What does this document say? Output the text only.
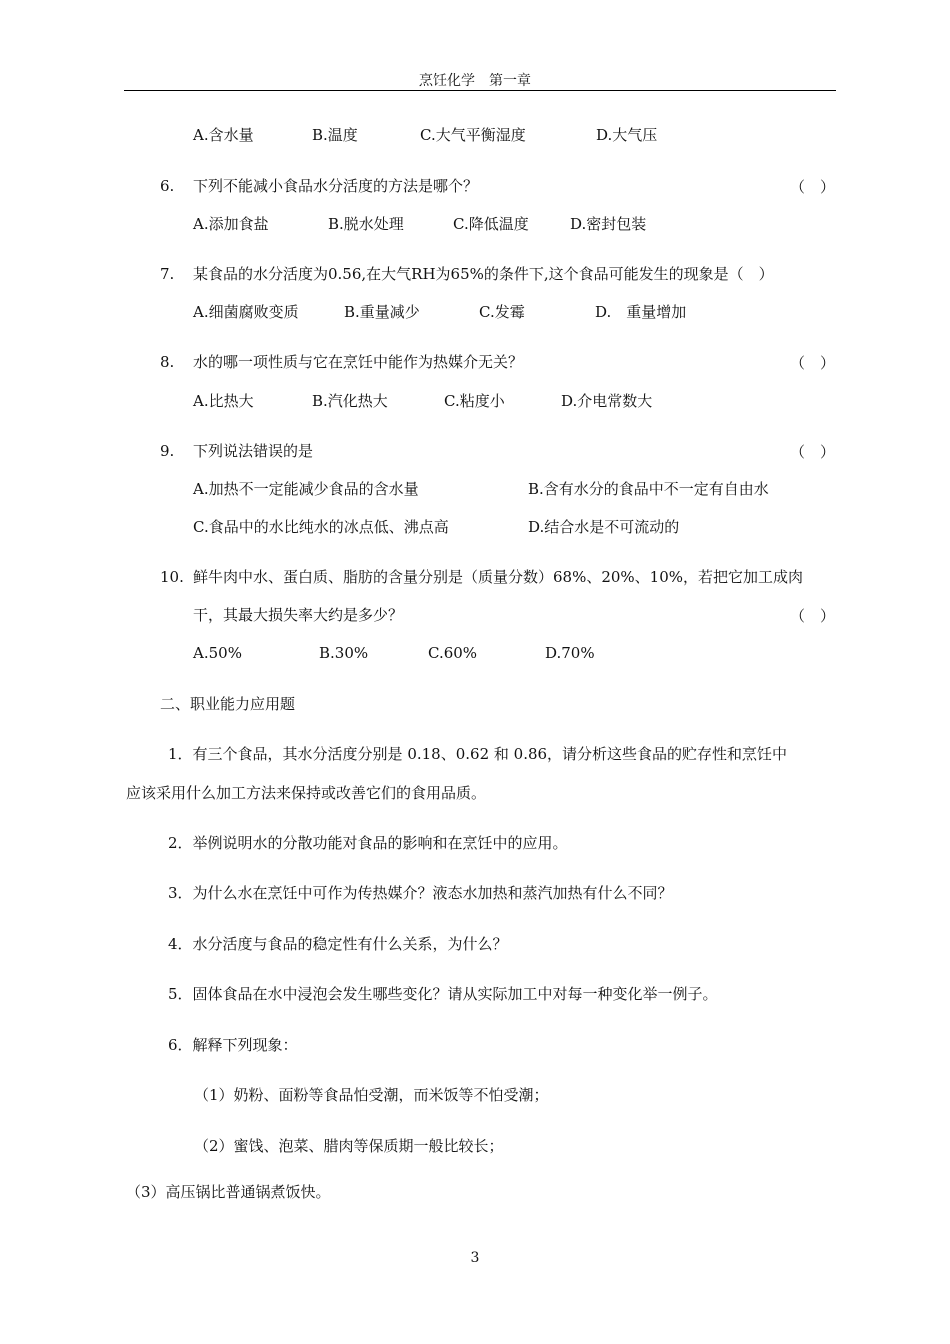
烹饪化学　第一章
A.含水量	B.温度	C.大气平衡湿度	D.大气压
6. 下列不能减小食品水分活度的方法是哪个？	（　）
A.添加食盐	B.脱水处理	C.降低温度	D.密封包装
7. 某食品的水分活度为0.56,在大气RH为65%的条件下,这个食品可能发生的现象是（　）
A.细菌腐败变质	B.重量减少	C.发霉	D.　重量增加
8. 水的哪一项性质与它在烹饪中能作为热媒介无关？	（　）
A.比热大	B.汽化热大	C.粘度小	D.介电常数大
9. 下列说法错误的是	（　）
A.加热不一定能减少食品的含水量	B.含有水分的食品中不一定有自由水
C.食品中的水比纯水的冰点低、沸点高	D.结合水是不可流动的
10. 鲜牛肉中水、蛋白质、脂肪的含量分别是（质量分数）68%、20%、10%，若把它加工成肉
干，其最大损失率大约是多少？	（　）
A.50%	B.30%	C.60%	D.70%
二、职业能力应用题
1．有三个食品，其水分活度分别是 0.18、0.62 和 0.86，请分析这些食品的贮存性和烹饪中
应该采用什么加工方法来保持或改善它们的食用品质。
2．举例说明水的分散功能对食品的影响和在烹饪中的应用。
3．为什么水在烹饪中可作为传热媒介？液态水加热和蒸汽加热有什么不同？
4．水分活度与食品的稳定性有什么关系，为什么？
5．固体食品在水中浸泡会发生哪些变化？请从实际加工中对每一种变化举一例子。
6．解释下列现象：
（1）奶粉、面粉等食品怕受潮，而米饭等不怕受潮；
（2）蜜饯、泡菜、腊肉等保质期一般比较长；
（3）高压锅比普通锅煮饭快。
3
